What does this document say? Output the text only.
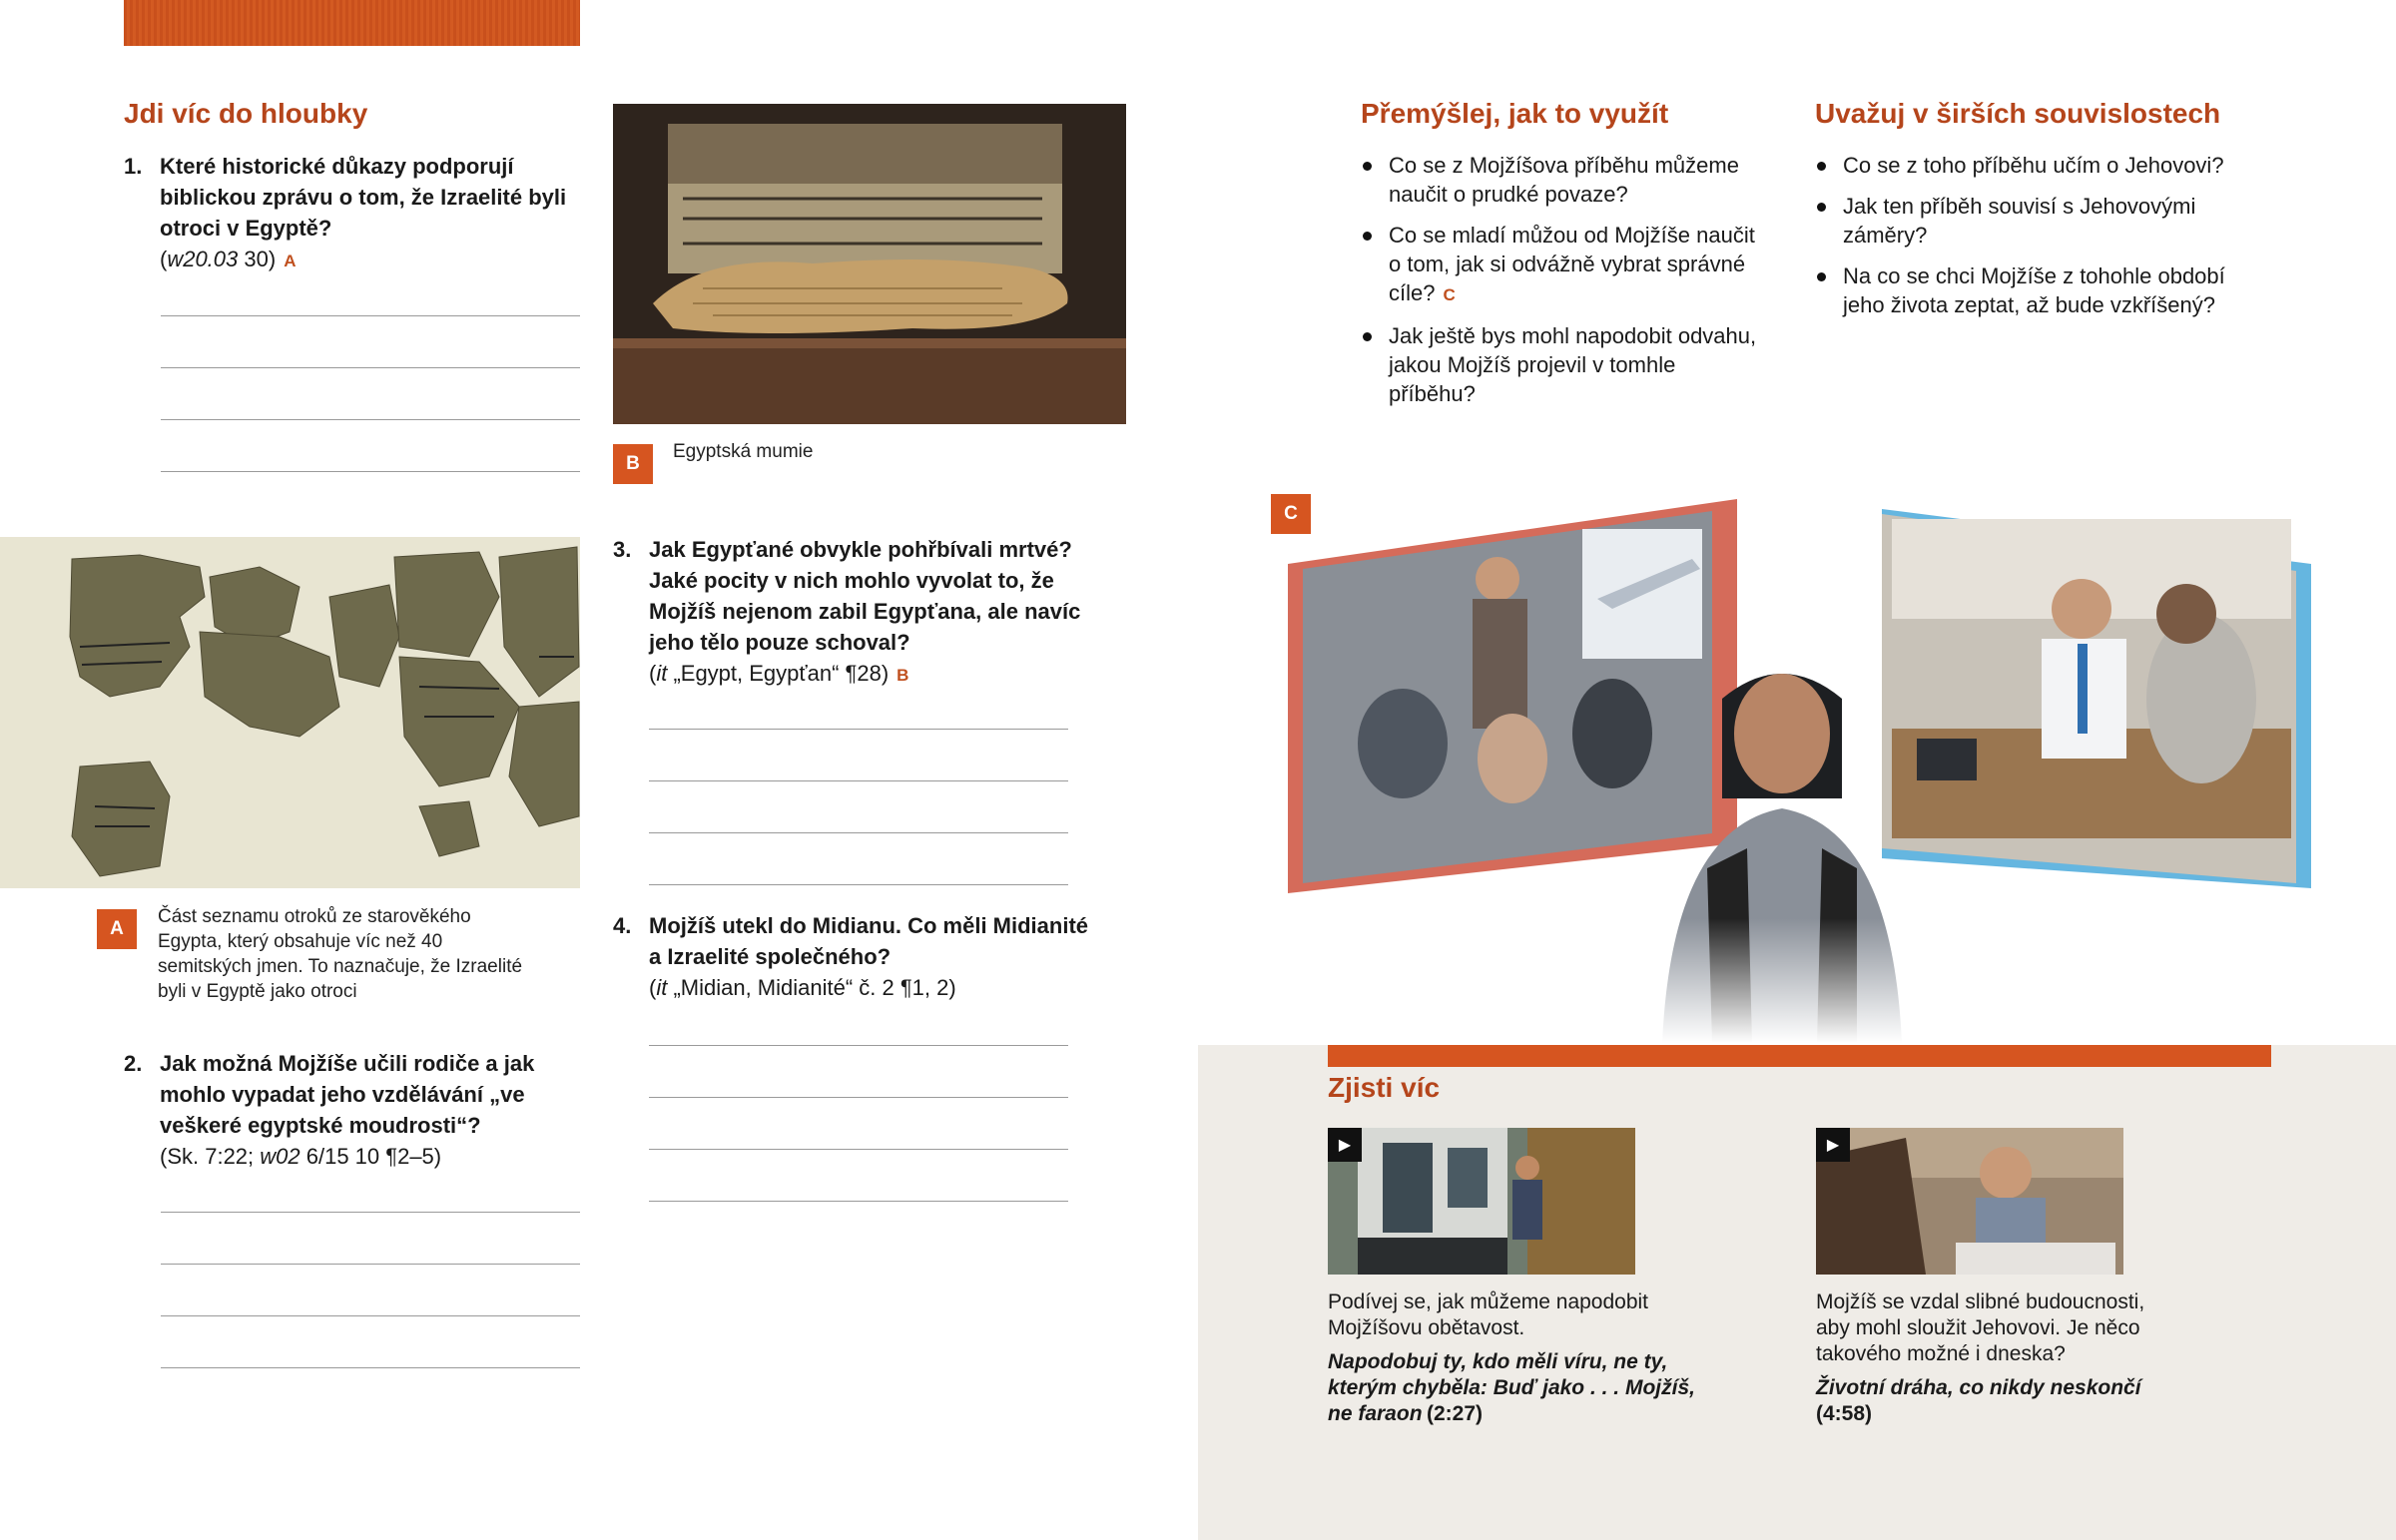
Jdi víc do hloubky
1. Které historické důkazy podporují biblickou zprávu o tom, že Izraelité byli otroci v Egyptě?
(w20.03 30) A
A
Část seznamu otroků ze starověkého Egypta, který obsahuje víc než 40 semitských jmen. To naznačuje, že Izraelité byli v Egyptě jako otroci
2. Jak možná Mojžíše učili rodiče a jak mohlo vypadat jeho vzdělávání „ve veškeré egyptské moudrosti“?
(Sk. 7:22; w02 6/15 10 ¶2–5)
B
Egyptská mumie
3. Jak Egypťané obvykle pohřbívali mrtvé? Jaké pocity v nich mohlo vyvolat to, že Mojžíš nejenom zabil Egypťana, ale navíc jeho tělo pouze schoval?
(it „Egypt, Egypťan“ ¶28) B
4. Mojžíš utekl do Midianu. Co měli Midianité a Izraelité společného?
(it „Midian, Midianité“ č. 2 ¶1, 2)
Přemýšlej, jak to využít
Co se z Mojžíšova příběhu můžeme naučit o prudké povaze?
Co se mladí můžou od Mojžíše naučit o tom, jak si odvážně vybrat správné cíle? C
Jak ještě bys mohl napodobit odvahu, jakou Mojžíš projevil v tomhle příběhu?
Uvažuj v širších souvislostech
Co se z toho příběhu učím o Jehovovi?
Jak ten příběh souvisí s Jehovovými záměry?
Na co se chci Mojžíše z tohohle období jeho života zeptat, až bude vzkříšený?
C
Zjisti víc
▶
Podívej se, jak můžeme napodobit Mojžíšovu obětavost.
Napodobuj ty, kdo měli víru, ne ty, kterým chyběla: Buď jako . . . Mojžíš, ne faraon (2:27)
▶
Mojžíš se vzdal slibné budoucnosti, aby mohl sloužit Jehovovi. Je něco takového možné i dneska?
Životní dráha, co nikdy neskončí
(4:58)
